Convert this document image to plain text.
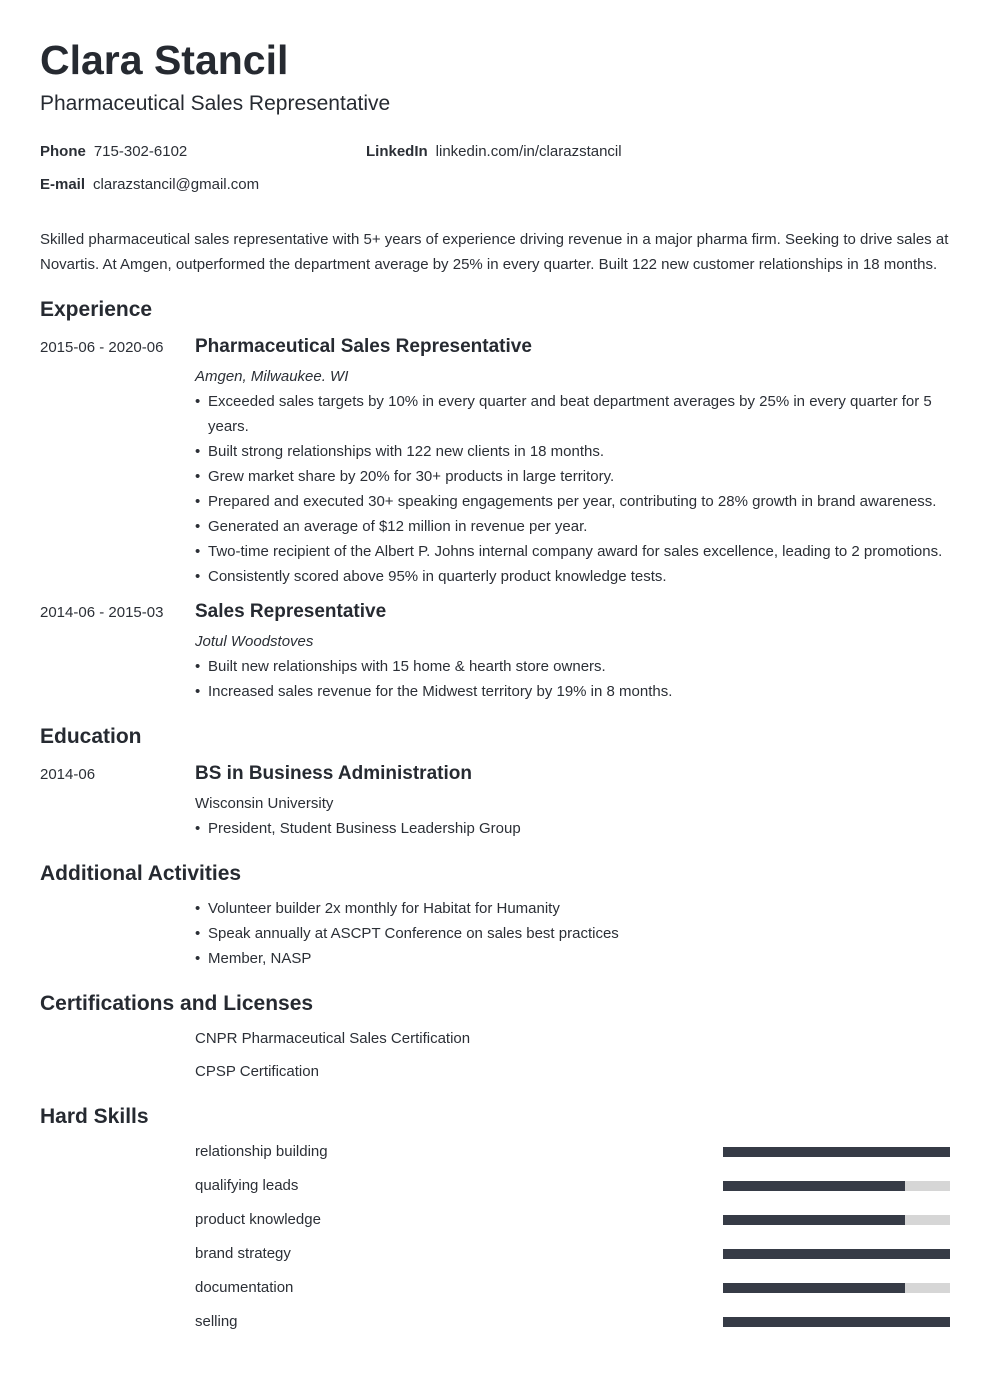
Clara Stancil
Pharmaceutical Sales Representative
Phone 715-302-6102	LinkedIn linkedin.com/in/clarazstancil
E-mail clarazstancil@gmail.com
Skilled pharmaceutical sales representative with 5+ years of experience driving revenue in a major pharma firm. Seeking to drive sales at Novartis. At Amgen, outperformed the department average by 25% in every quarter. Built 122 new customer relationships in 18 months.
Experience
2015-06 - 2020-06 Pharmaceutical Sales Representative
Amgen, Milwaukee. WI
• Exceeded sales targets by 10% in every quarter and beat department averages by 25% in every quarter for 5 years.
• Built strong relationships with 122 new clients in 18 months.
• Grew market share by 20% for 30+ products in large territory.
• Prepared and executed 30+ speaking engagements per year, contributing to 28% growth in brand awareness.
• Generated an average of $12 million in revenue per year.
• Two-time recipient of the Albert P. Johns internal company award for sales excellence, leading to 2 promotions.
• Consistently scored above 95% in quarterly product knowledge tests.
2014-06 - 2015-03 Sales Representative
Jotul Woodstoves
• Built new relationships with 15 home & hearth store owners.
• Increased sales revenue for the Midwest territory by 19% in 8 months.
Education
2014-06	BS in Business Administration
Wisconsin University
• President, Student Business Leadership Group
Additional Activities
• Volunteer builder 2x monthly for Habitat for Humanity
• Speak annually at ASCPT Conference on sales best practices
• Member, NASP
Certifications and Licenses
CNPR Pharmaceutical Sales Certification
CPSP Certification
Hard Skills
relationship building
qualifying leads
product knowledge
brand strategy
documentation
selling
